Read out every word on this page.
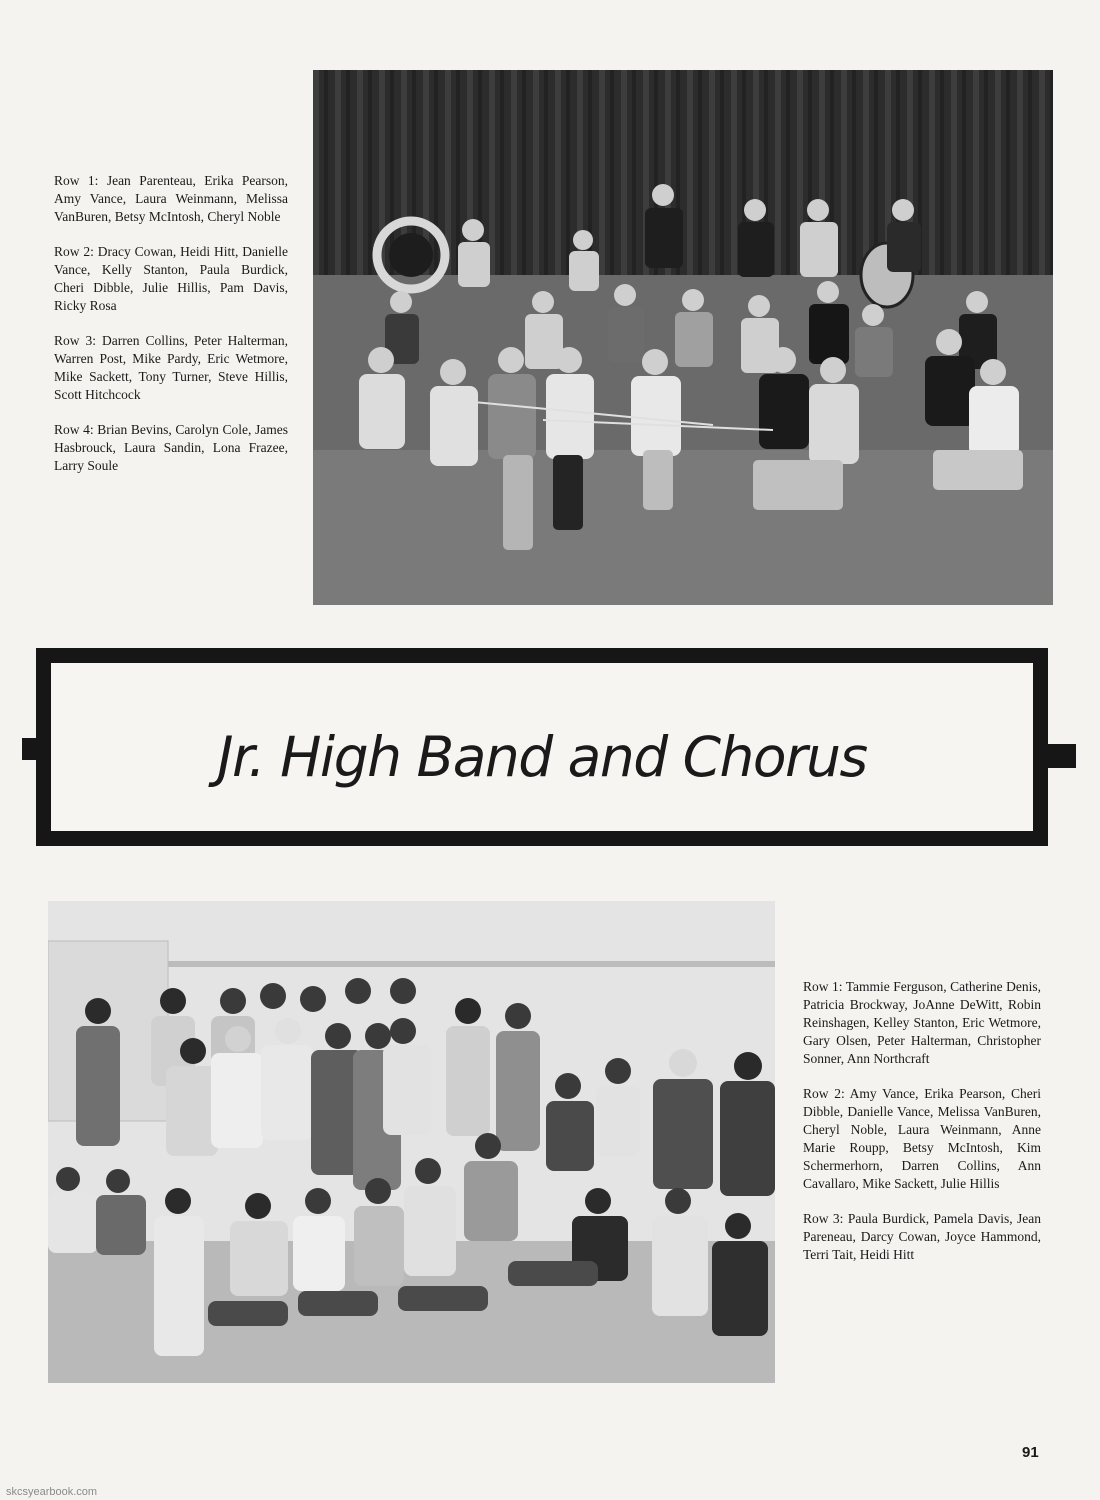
Row 1: Jean Parenteau, Erika Pearson, Amy Vance, Laura Weinmann, Melissa VanBuren, Betsy McIntosh, Cheryl Noble

Row 2: Dracy Cowan, Heidi Hitt, Danielle Vance, Kelly Stanton, Paula Burdick, Cheri Dibble, Julie Hillis, Pam Davis, Ricky Rosa

Row 3: Darren Collins, Peter Halterman, Warren Post, Mike Pardy, Eric Wetmore, Mike Sackett, Tony Turner, Steve Hillis, Scott Hitchcock

Row 4: Brian Bevins, Carolyn Cole, James Hasbrouck, Laura Sandin, Lona Frazee, Larry Soule

Jr. High Band and Chorus

Row 1: Tammie Ferguson, Catherine Denis, Patricia Brockway, JoAnne DeWitt, Robin Reinshagen, Kelley Stanton, Eric Wetmore, Gary Olsen, Peter Halterman, Christopher Sonner, Ann Northcraft

Row 2: Amy Vance, Erika Pearson, Cheri Dibble, Danielle Vance, Melissa VanBuren, Cheryl Noble, Laura Weinmann, Anne Marie Roupp, Betsy McIntosh, Kim Schermerhorn, Darren Collins, Ann Cavallaro, Mike Sackett, Julie Hillis

Row 3: Paula Burdick, Pamela Davis, Jean Pareneau, Darcy Cowan, Joyce Hammond, Terri Tait, Heidi Hitt

91
skcsyearbook.com
